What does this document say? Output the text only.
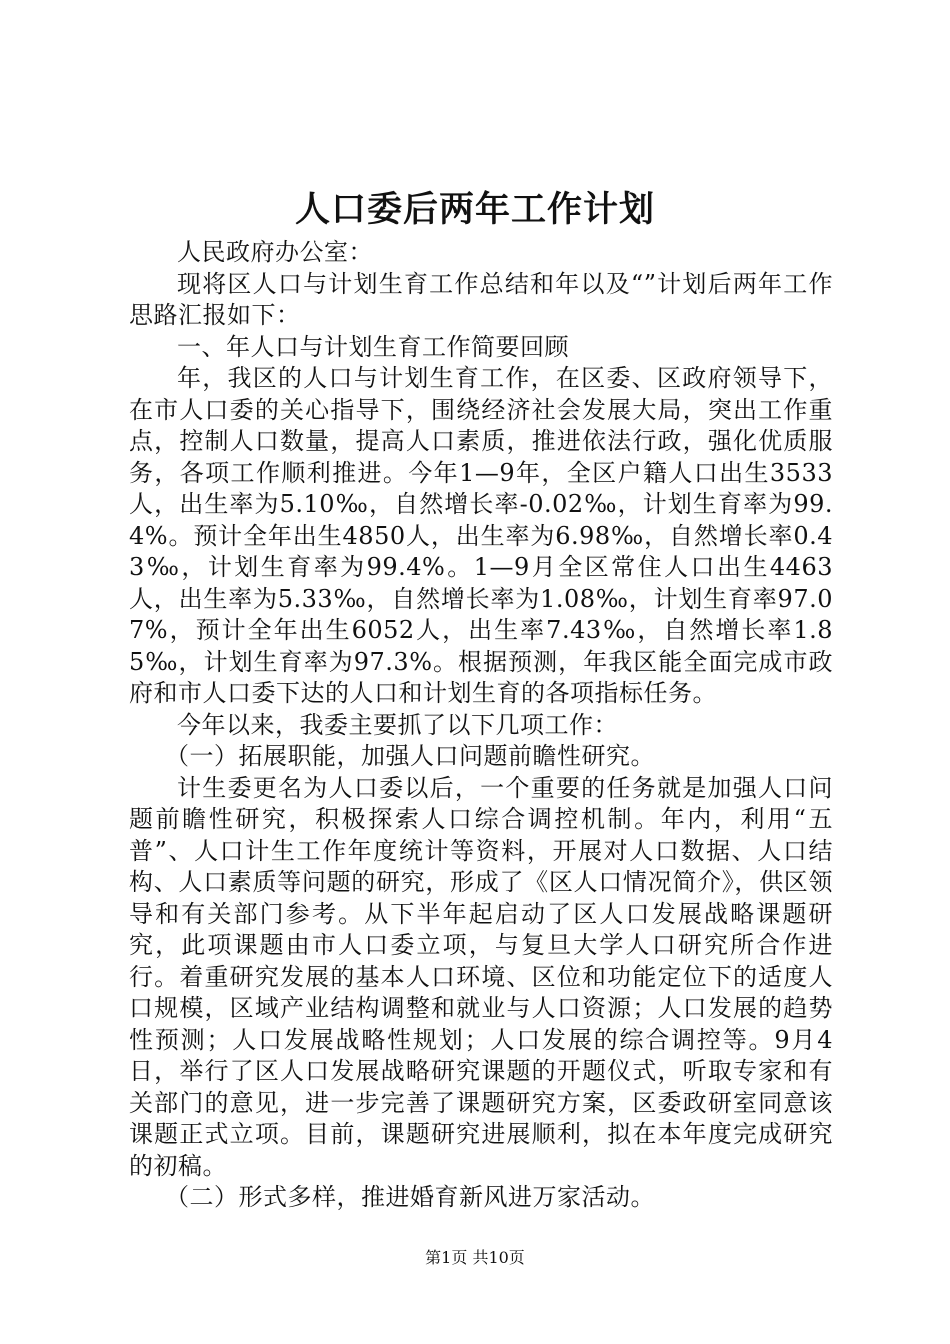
人口委后两年工作计划

人民政府办公室：

现将区人口与计划生育工作总结和年以及“”计划后两年工作思路汇报如下：

一、年人口与计划生育工作简要回顾

年，我区的人口与计划生育工作，在区委、区政府领导下，在市人口委的关心指导下，围绕经济社会发展大局，突出工作重点，控制人口数量，提高人口素质，推进依法行政，强化优质服务，各项工作顺利推进。今年1—9年，全区户籍人口出生3533人，出生率为5.10‰，自然增长率-0.02‰，计划生育率为99.4%。预计全年出生4850人，出生率为6.98‰，自然增长率0.43‰，计划生育率为99.4%。1—9月全区常住人口出生4463人，出生率为5.33‰，自然增长率为1.08‰，计划生育率97.07%，预计全年出生6052人，出生率7.43‰，自然增长率1.85‰，计划生育率为97.3%。根据预测，年我区能全面完成市政府和市人口委下达的人口和计划生育的各项指标任务。

今年以来，我委主要抓了以下几项工作：

（一）拓展职能，加强人口问题前瞻性研究。

计生委更名为人口委以后，一个重要的任务就是加强人口问题前瞻性研究，积极探索人口综合调控机制。年内，利用“五普”、人口计生工作年度统计等资料，开展对人口数据、人口结构、人口素质等问题的研究，形成了《区人口情况简介》，供区领导和有关部门参考。从下半年起启动了区人口发展战略课题研究，此项课题由市人口委立项，与复旦大学人口研究所合作进行。着重研究发展的基本人口环境、区位和功能定位下的适度人口规模，区域产业结构调整和就业与人口资源；人口发展的趋势性预测；人口发展战略性规划；人口发展的综合调控等。9月4日，举行了区人口发展战略研究课题的开题仪式，听取专家和有关部门的意见，进一步完善了课题研究方案，区委政研室同意该课题正式立项。目前，课题研究进展顺利，拟在本年度完成研究的初稿。

（二）形式多样，推进婚育新风进万家活动。

第1页 共10页
